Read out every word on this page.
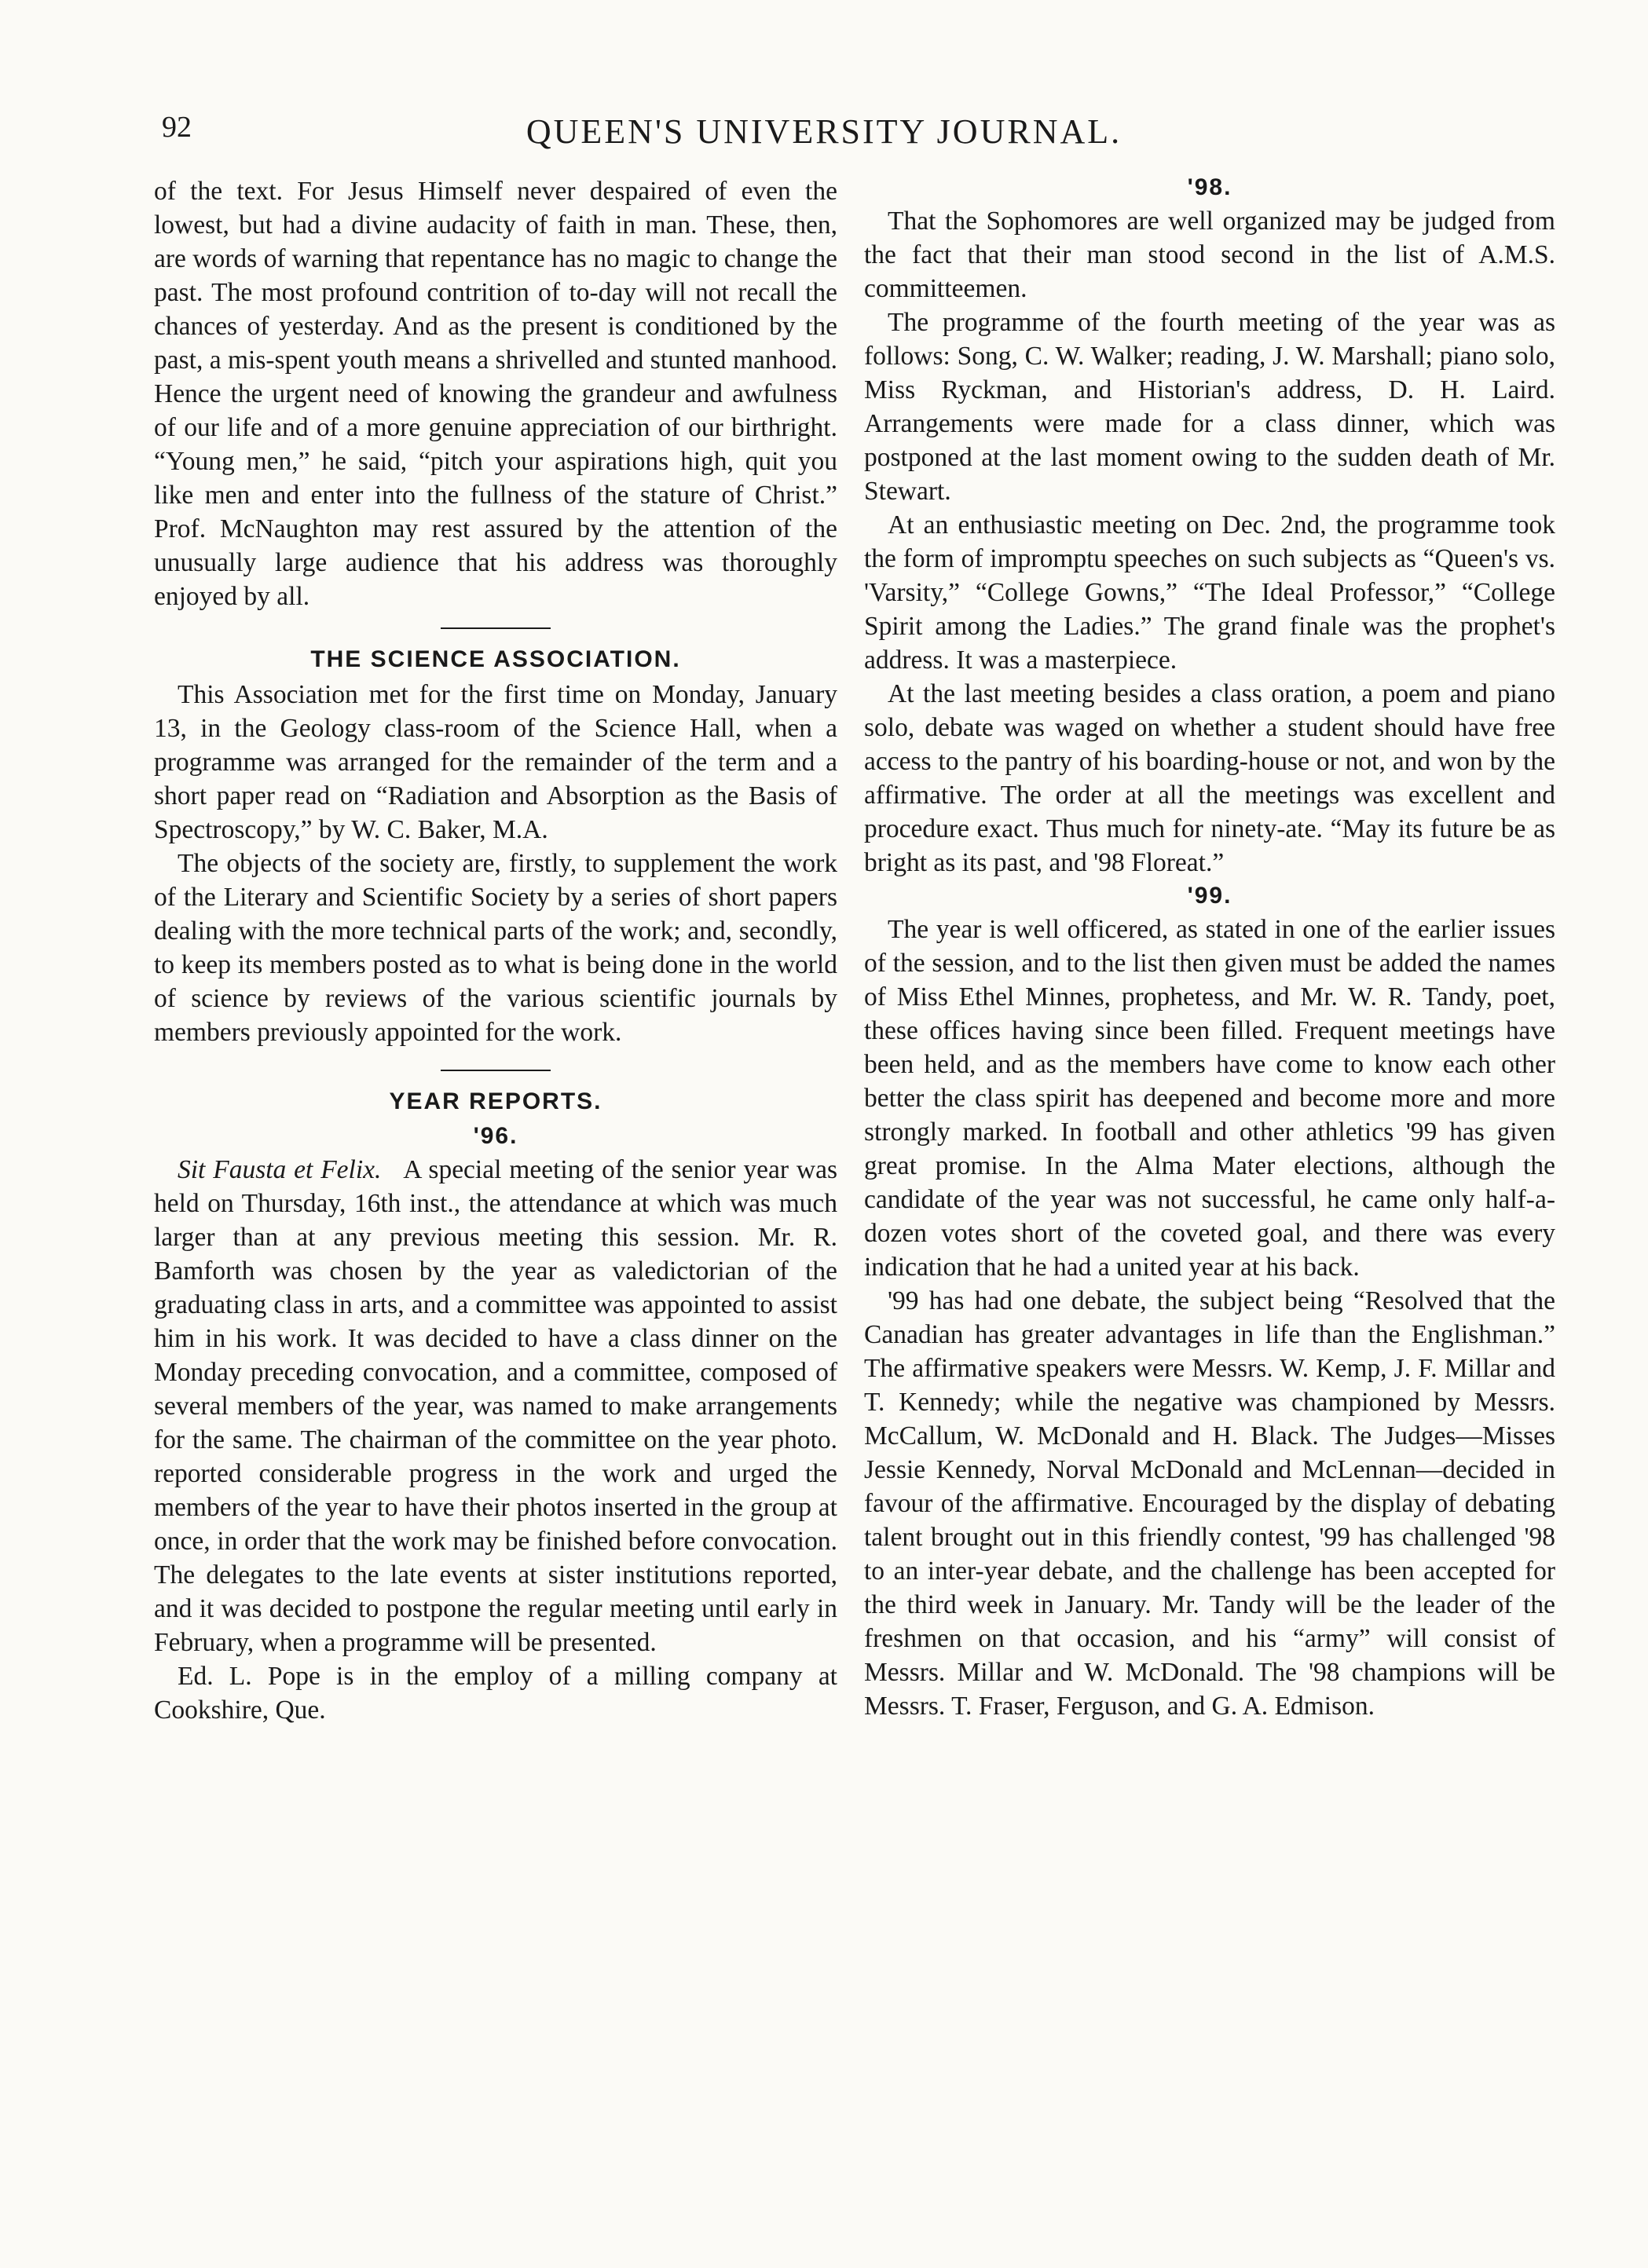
92	QUEEN'S UNIVERSITY JOURNAL.

of the text. For Jesus Himself never despaired of even the lowest, but had a divine audacity of faith in man. These, then, are words of warning that repentance has no magic to change the past. The most profound contrition of to-day will not recall the chances of yesterday. And as the present is conditioned by the past, a mis-spent youth means a shrivelled and stunted manhood. Hence the urgent need of knowing the grandeur and awfulness of our life and of a more genuine appreciation of our birthright. “Young men,” he said, “pitch your aspirations high, quit you like men and enter into the fullness of the stature of Christ.” Prof. McNaughton may rest assured by the attention of the unusually large audience that his address was thoroughly enjoyed by all.

THE SCIENCE ASSOCIATION.

This Association met for the first time on Monday, January 13, in the Geology class-room of the Science Hall, when a programme was arranged for the remainder of the term and a short paper read on “Radiation and Absorption as the Basis of Spectroscopy,” by W. C. Baker, M.A.

The objects of the society are, firstly, to supplement the work of the Literary and Scientific Society by a series of short papers dealing with the more technical parts of the work; and, secondly, to keep its members posted as to what is being done in the world of science by reviews of the various scientific journals by members previously appointed for the work.

YEAR REPORTS.
'96.

Sit Fausta et Felix. A special meeting of the senior year was held on Thursday, 16th inst., the attendance at which was much larger than at any previous meeting this session. Mr. R. Bamforth was chosen by the year as valedictorian of the graduating class in arts, and a committee was appointed to assist him in his work. It was decided to have a class dinner on the Monday preceding convocation, and a committee, composed of several members of the year, was named to make arrangements for the same. The chairman of the committee on the year photo. reported considerable progress in the work and urged the members of the year to have their photos inserted in the group at once, in order that the work may be finished before convocation. The delegates to the late events at sister institutions reported, and it was decided to postpone the regular meeting until early in February, when a programme will be presented.

Ed. L. Pope is in the employ of a milling company at Cookshire, Que.

'98.

That the Sophomores are well organized may be judged from the fact that their man stood second in the list of A.M.S. committeemen.

The programme of the fourth meeting of the year was as follows: Song, C. W. Walker; reading, J. W. Marshall; piano solo, Miss Ryckman, and Historian's address, D. H. Laird. Arrangements were made for a class dinner, which was postponed at the last moment owing to the sudden death of Mr. Stewart.

At an enthusiastic meeting on Dec. 2nd, the programme took the form of impromptu speeches on such subjects as “Queen's vs. 'Varsity,” “College Gowns,” “The Ideal Professor,” “College Spirit among the Ladies.” The grand finale was the prophet's address. It was a masterpiece.

At the last meeting besides a class oration, a poem and piano solo, debate was waged on whether a student should have free access to the pantry of his boarding-house or not, and won by the affirmative. The order at all the meetings was excellent and procedure exact. Thus much for ninety-ate. “May its future be as bright as its past, and '98 Floreat.”

'99.

The year is well officered, as stated in one of the earlier issues of the session, and to the list then given must be added the names of Miss Ethel Minnes, prophetess, and Mr. W. R. Tandy, poet, these offices having since been filled. Frequent meetings have been held, and as the members have come to know each other better the class spirit has deepened and become more and more strongly marked. In football and other athletics '99 has given great promise. In the Alma Mater elections, although the candidate of the year was not successful, he came only half-a-dozen votes short of the coveted goal, and there was every indication that he had a united year at his back.

'99 has had one debate, the subject being “Resolved that the Canadian has greater advantages in life than the Englishman.” The affirmative speakers were Messrs. W. Kemp, J. F. Millar and T. Kennedy; while the negative was championed by Messrs. McCallum, W. McDonald and H. Black. The Judges—Misses Jessie Kennedy, Norval McDonald and McLennan—decided in favour of the affirmative. Encouraged by the display of debating talent brought out in this friendly contest, '99 has challenged '98 to an inter-year debate, and the challenge has been accepted for the third week in January. Mr. Tandy will be the leader of the freshmen on that occasion, and his “army” will consist of Messrs. Millar and W. McDonald. The '98 champions will be Messrs. T. Fraser, Ferguson, and G. A. Edmison.
